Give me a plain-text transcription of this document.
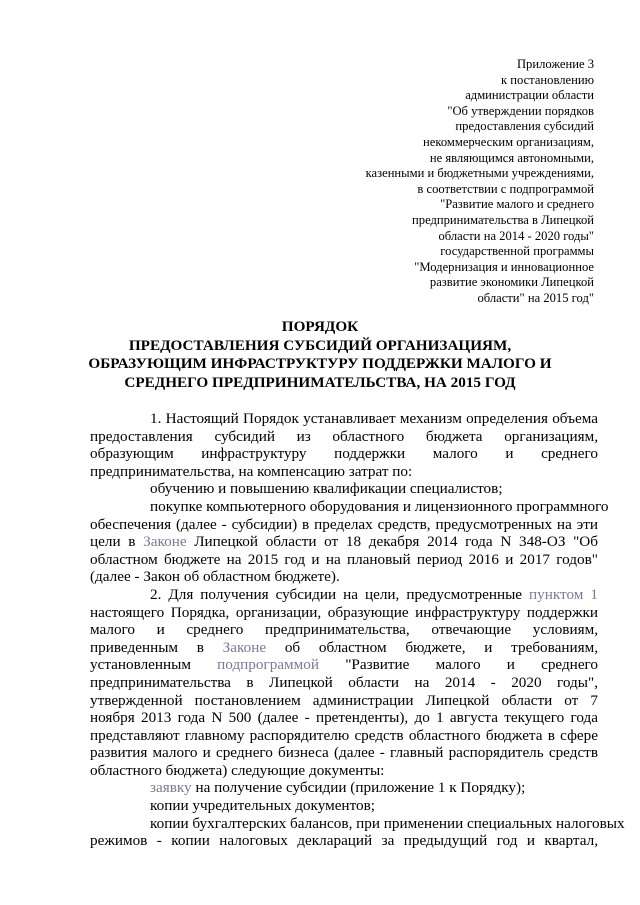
Приложение 3
к постановлению
администрации области
"Об утверждении порядков
предоставления субсидий
некоммерческим организациям,
не являющимся автономными,
казенными и бюджетными учреждениями,
в соответствии с подпрограммой
"Развитие малого и среднего
предпринимательства в Липецкой
области на 2014 - 2020 годы"
государственной программы
"Модернизация и инновационное
развитие экономики Липецкой
области" на 2015 год"
ПОРЯДОК
ПРЕДОСТАВЛЕНИЯ СУБСИДИЙ ОРГАНИЗАЦИЯМ,
ОБРАЗУЮЩИМ ИНФРАСТРУКТУРУ ПОДДЕРЖКИ МАЛОГО И
СРЕДНЕГО ПРЕДПРИНИМАТЕЛЬСТВА, НА 2015 ГОД
1. Настоящий Порядок устанавливает механизм определения объема
предоставления субсидий из областного бюджета организациям,
образующим инфраструктуру поддержки малого и среднего
предпринимательства, на компенсацию затрат по:
обучению и повышению квалификации специалистов;
покупке компьютерного оборудования и лицензионного программного
обеспечения (далее - субсидии) в пределах средств, предусмотренных на эти
цели в Законе Липецкой области от 18 декабря 2014 года N 348-ОЗ "Об
областном бюджете на 2015 год и на плановый период 2016 и 2017 годов"
(далее - Закон об областном бюджете).
2. Для получения субсидии на цели, предусмотренные пунктом 1
настоящего Порядка, организации, образующие инфраструктуру поддержки
малого и среднего предпринимательства, отвечающие условиям,
приведенным в Законе об областном бюджете, и требованиям,
установленным подпрограммой "Развитие малого и среднего
предпринимательства в Липецкой области на 2014 - 2020 годы",
утвержденной постановлением администрации Липецкой области от 7
ноября 2013 года N 500 (далее - претенденты), до 1 августа текущего года
представляют главному распорядителю средств областного бюджета в сфере
развития малого и среднего бизнеса (далее - главный распорядитель средств
областного бюджета) следующие документы:
заявку на получение субсидии (приложение 1 к Порядку);
копии учредительных документов;
копии бухгалтерских балансов, при применении специальных налоговых
режимов - копии налоговых деклараций за предыдущий год и квартал,
